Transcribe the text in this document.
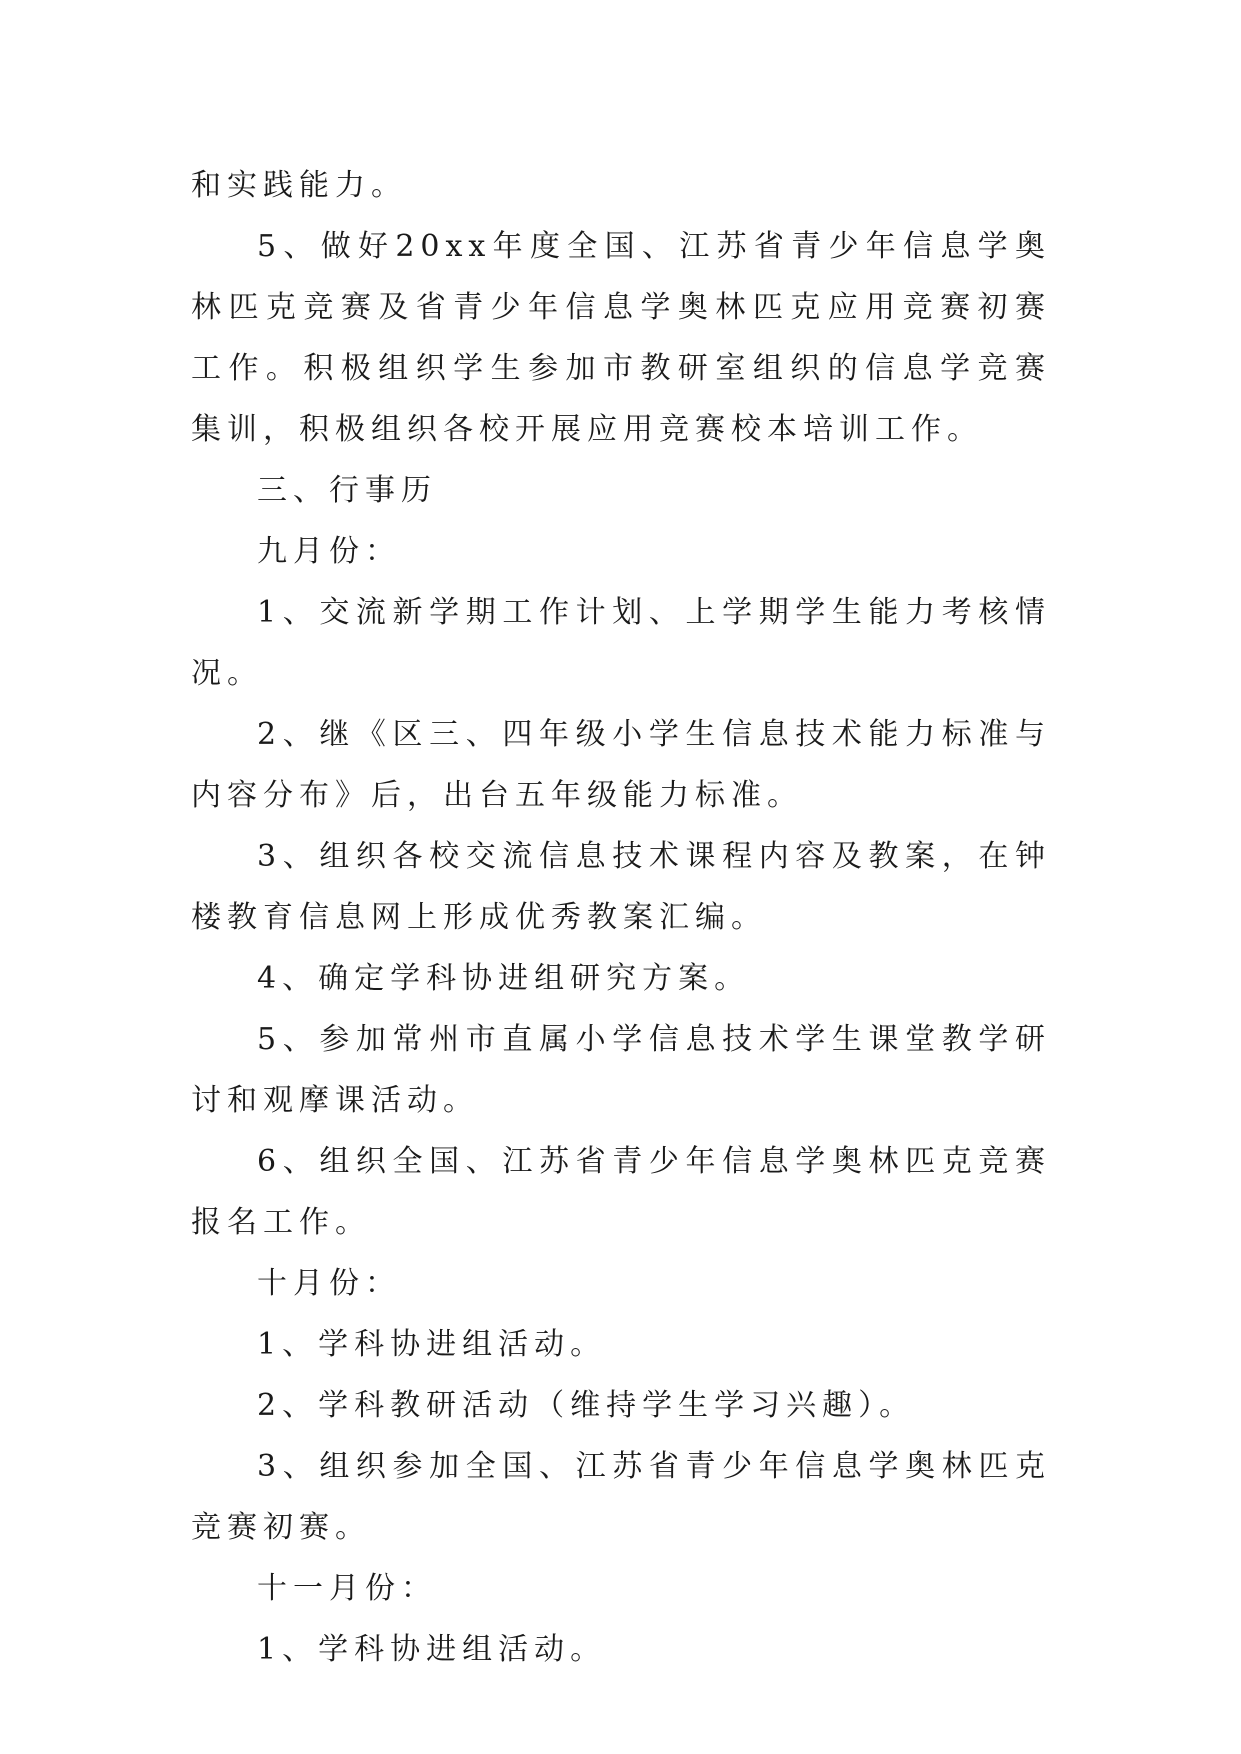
和实践能力。

5、做好20xx年度全国、江苏省青少年信息学奥林匹克竞赛及省青少年信息学奥林匹克应用竞赛初赛工作。积极组织学生参加市教研室组织的信息学竞赛集训，积极组织各校开展应用竞赛校本培训工作。

三、行事历

九月份：

1、交流新学期工作计划、上学期学生能力考核情况。

2、继《区三、四年级小学生信息技术能力标准与内容分布》后，出台五年级能力标准。

3、组织各校交流信息技术课程内容及教案，在钟楼教育信息网上形成优秀教案汇编。

4、确定学科协进组研究方案。

5、参加常州市直属小学信息技术学生课堂教学研讨和观摩课活动。

6、组织全国、江苏省青少年信息学奥林匹克竞赛报名工作。

十月份：

1、学科协进组活动。

2、学科教研活动（维持学生学习兴趣）。

3、组织参加全国、江苏省青少年信息学奥林匹克竞赛初赛。

十一月份：

1、学科协进组活动。
